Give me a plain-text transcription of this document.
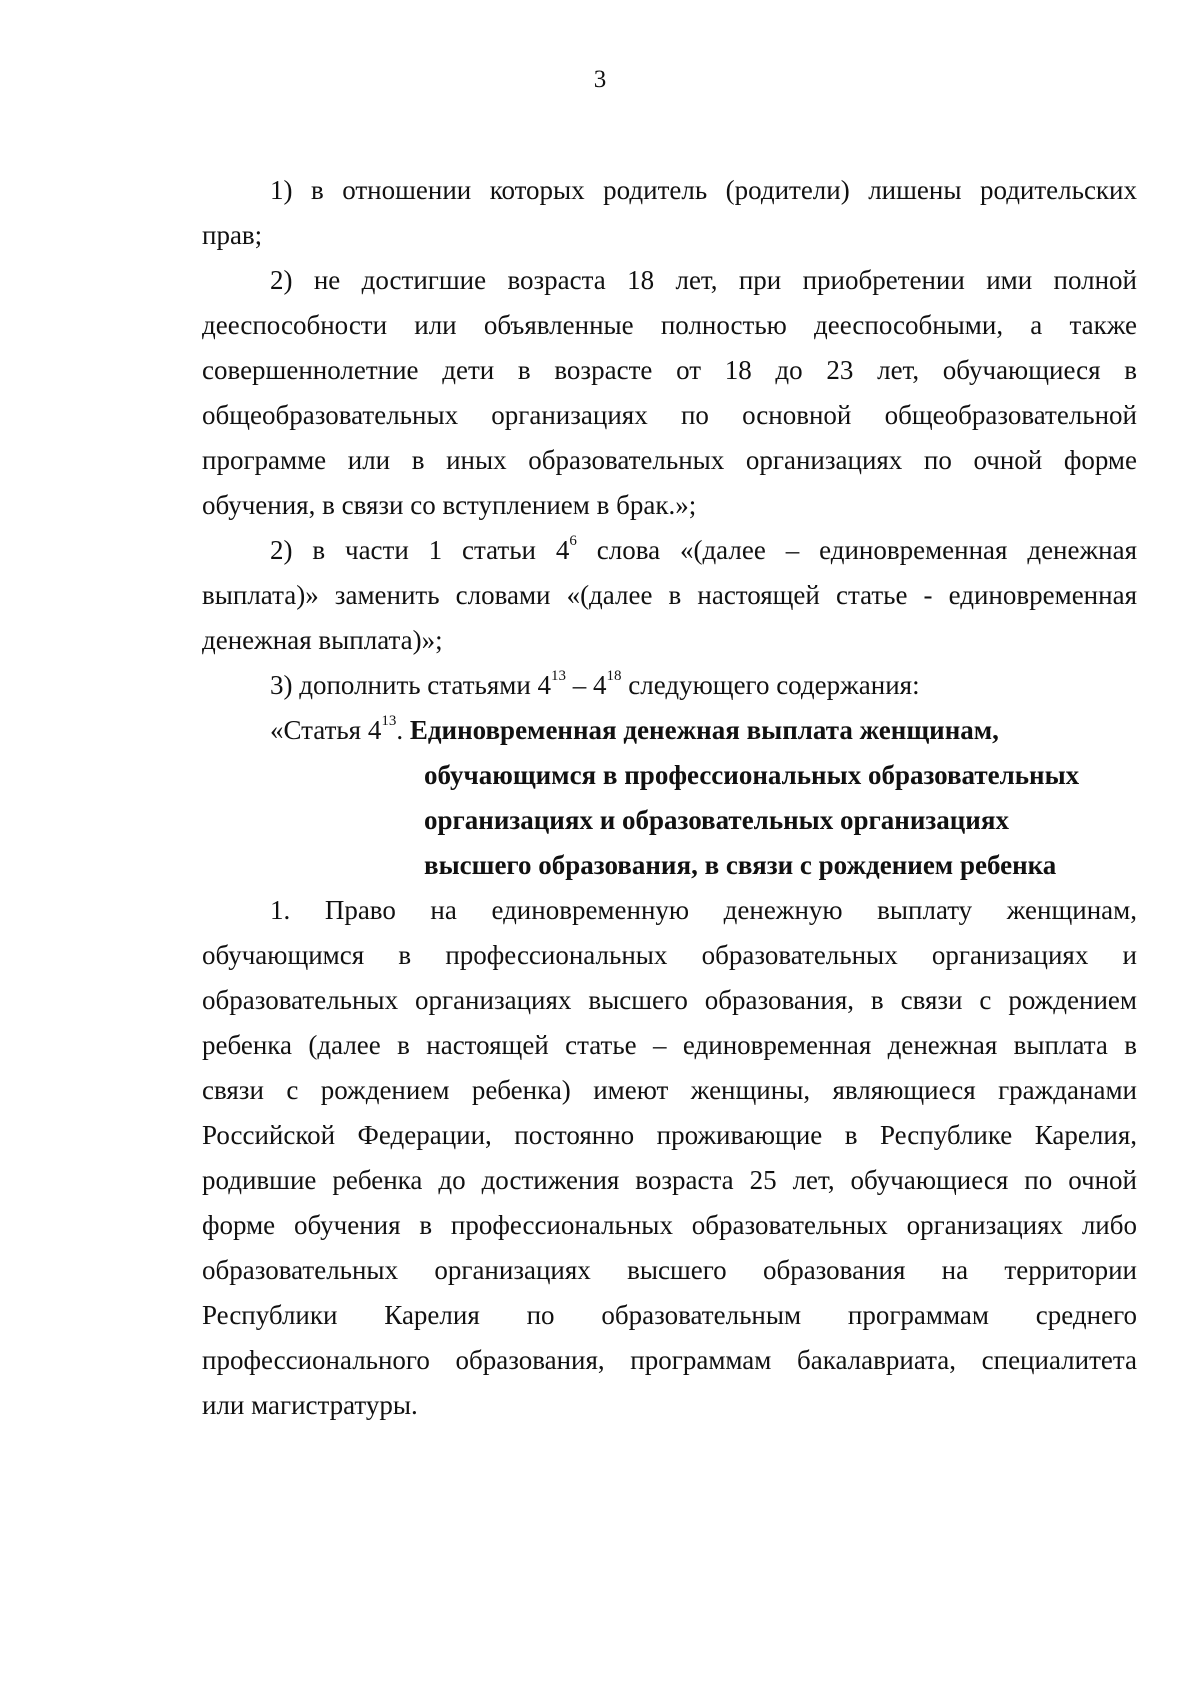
3
1) в отношении которых родитель (родители) лишены родительских
прав;
2) не достигшие возраста 18 лет, при приобретении ими полной
дееспособности или объявленные полностью дееспособными, а также
совершеннолетние дети в возрасте от 18 до 23 лет, обучающиеся в
общеобразовательных организациях по основной общеобразовательной
программе или в иных образовательных организациях по очной форме
обучения, в связи со вступлением в брак.»;
2) в части 1 статьи $4^6$ слова «(далее – единовременная денежная
выплата)» заменить словами «(далее в настоящей статье - единовременная
денежная выплата)»;
3) дополнить статьями $4^{13} - 4^{18}$ следующего содержания:
«Статья $4^{13}$. Единовременная денежная выплата женщинам,
обучающимся в профессиональных образовательных
организациях и образовательных организациях
высшего образования, в связи с рождением ребенка
1. Право на единовременную денежную выплату женщинам,
обучающимся в профессиональных образовательных организациях и
образовательных организациях высшего образования, в связи с рождением
ребенка (далее в настоящей статье – единовременная денежная выплата в
связи с рождением ребенка) имеют женщины, являющиеся гражданами
Российской Федерации, постоянно проживающие в Республике Карелия,
родившие ребенка до достижения возраста 25 лет, обучающиеся по очной
форме обучения в профессиональных образовательных организациях либо
образовательных организациях высшего образования на территории
Республики Карелия по образовательным программам среднего
профессионального образования, программам бакалавриата, специалитета
или магистратуры.
